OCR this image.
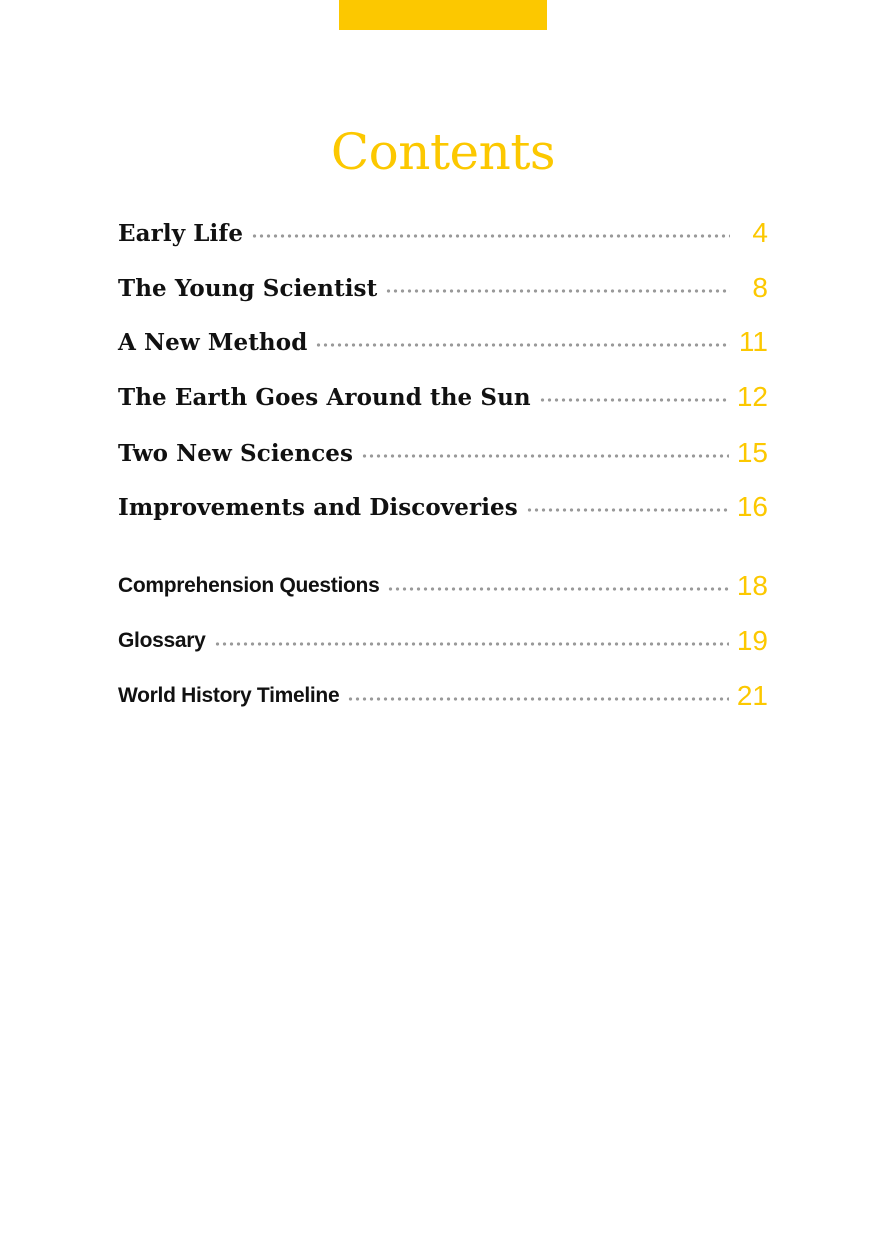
Contents
Early Life	4
The Young Scientist	8
A New Method	11
The Earth Goes Around the Sun	12
Two New Sciences	15
Improvements and Discoveries	16
Comprehension Questions	18
Glossary	19
World History Timeline	21
